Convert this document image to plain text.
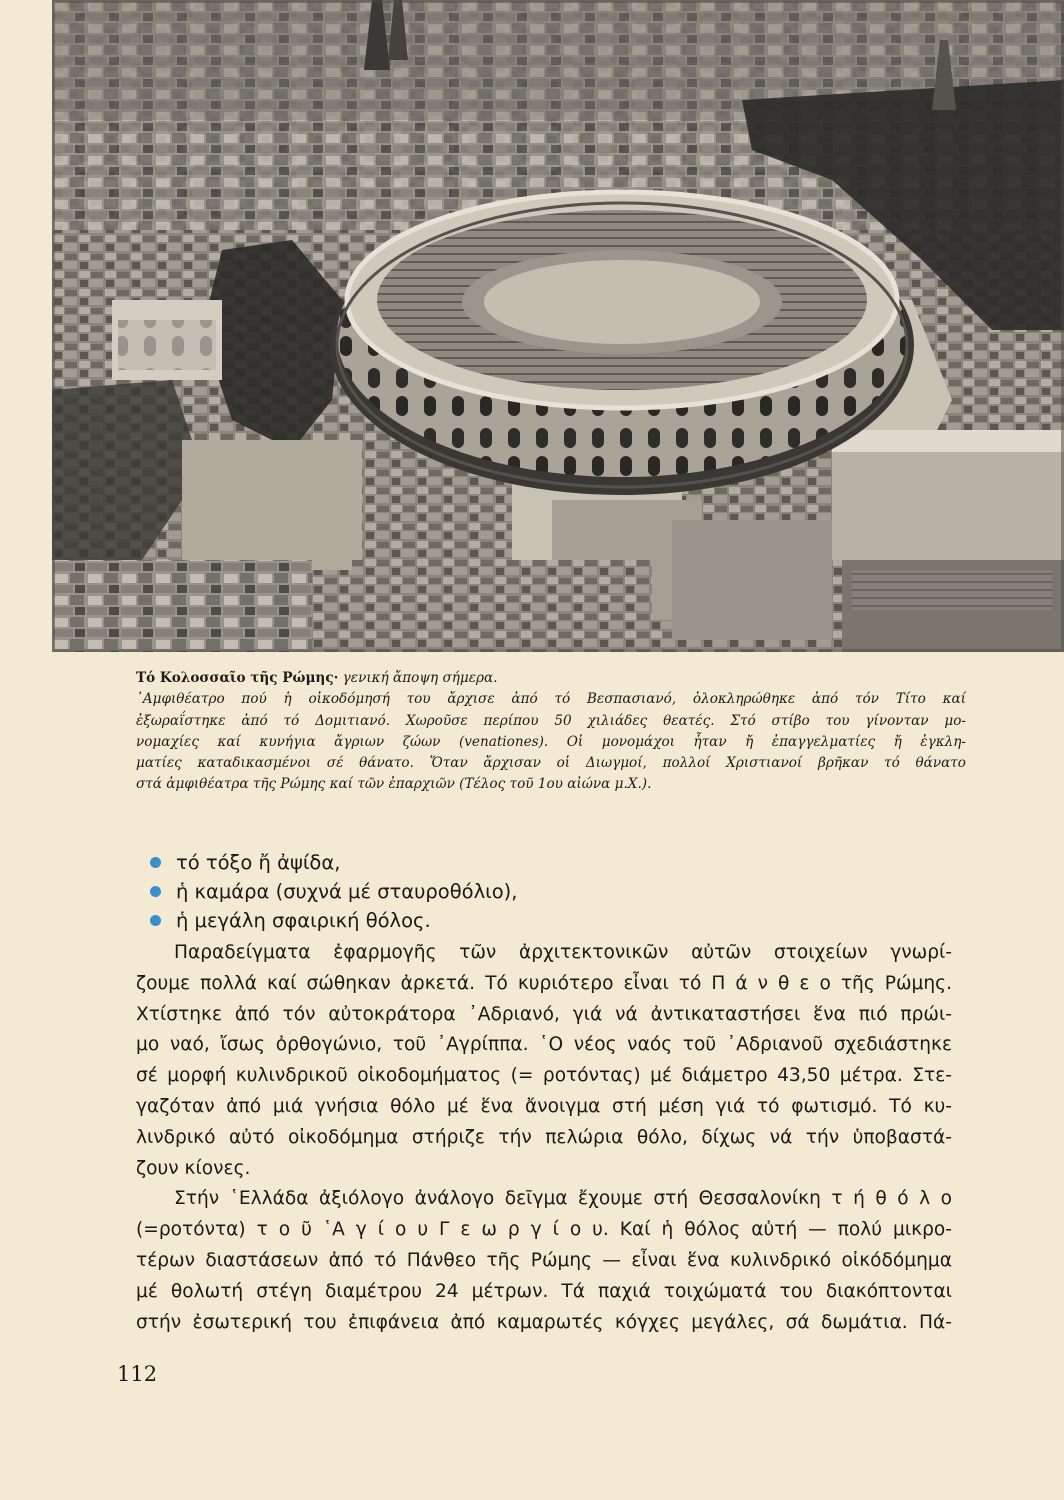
Τό Κολοσσαῖο τῆς Ρώμης· γενική ἄποψη σήμερα.
᾽Αμφιθέατρο πού ἡ οἰκοδόμησή του ἄρχισε ἀπό τό Βεσπασιανό, ὁλοκληρώθηκε ἀπό τόν Τίτο καί
ἐξωραΐστηκε ἀπό τό Δομιτιανό. Χωροῦσε περίπου 50 χιλιάδες θεατές. Στό στίβο του γίνονταν μο-
νομαχίες καί κυνήγια ἄγριων ζώων (venationes). Οἱ μονομάχοι ἦταν ἤ ἐπαγγελματίες ἤ ἐγκλη-
ματίες καταδικασμένοι σέ θάνατο. Ὅταν ἄρχισαν οἱ Διωγμοί, πολλοί Χριστιανοί βρῆκαν τό θάνατο
στά ἀμφιθέατρα τῆς Ρώμης καί τῶν ἐπαρχιῶν (Τέλος τοῦ 1ου αἰώνα μ.Χ.).
τό τόξο ἤ ἀψίδα,
ἡ καμάρα (συχνά μέ σταυροθόλιο),
ἡ μεγάλη σφαιρική θόλος.
Παραδείγματα ἐφαρμογῆς τῶν ἀρχιτεκτονικῶν αὐτῶν στοιχείων γνωρί-
ζουμε πολλά καί σώθηκαν ἀρκετά. Τό κυριότερο εἶναι τό Π ά ν θ ε ο τῆς Ρώμης.
Χτίστηκε ἀπό τόν αὐτοκράτορα ᾽Αδριανό, γιά νά ἀντικαταστήσει ἕνα πιό πρώι-
μο ναό, ἴσως ὀρθογώνιο, τοῦ ᾽Αγρίππα. ῾Ο νέος ναός τοῦ ᾽Αδριανοῦ σχεδιάστηκε
σέ μορφή κυλινδρικοῦ οἰκοδομήματος (= ροτόντας) μέ διάμετρο 43,50 μέτρα. Στε-
γαζόταν ἀπό μιά γνήσια θόλο μέ ἕνα ἄνοιγμα στή μέση γιά τό φωτισμό. Τό κυ-
λινδρικό αὐτό οἰκοδόμημα στήριζε τήν πελώρια θόλο, δίχως νά τήν ὑποβαστά-
ζουν κίονες.
Στήν ῾Ελλάδα ἀξιόλογο ἀνάλογο δεῖγμα ἔχουμε στή Θεσσαλονίκη τ ή θ ό λ ο
(=ροτόντα) τ ο ῦ ῾Α γ ί ο υ Γ ε ω ρ γ ί ο υ. Καί ἡ θόλος αὐτή — πολύ μικρο-
τέρων διαστάσεων ἀπό τό Πάνθεο τῆς Ρώμης — εἶναι ἕνα κυλινδρικό οἰκόδόμημα
μέ θολωτή στέγη διαμέτρου 24 μέτρων. Τά παχιά τοιχώματά του διακόπτονται
στήν ἐσωτερική του ἐπιφάνεια ἀπό καμαρωτές κόγχες μεγάλες, σά δωμάτια. Πά-
112
